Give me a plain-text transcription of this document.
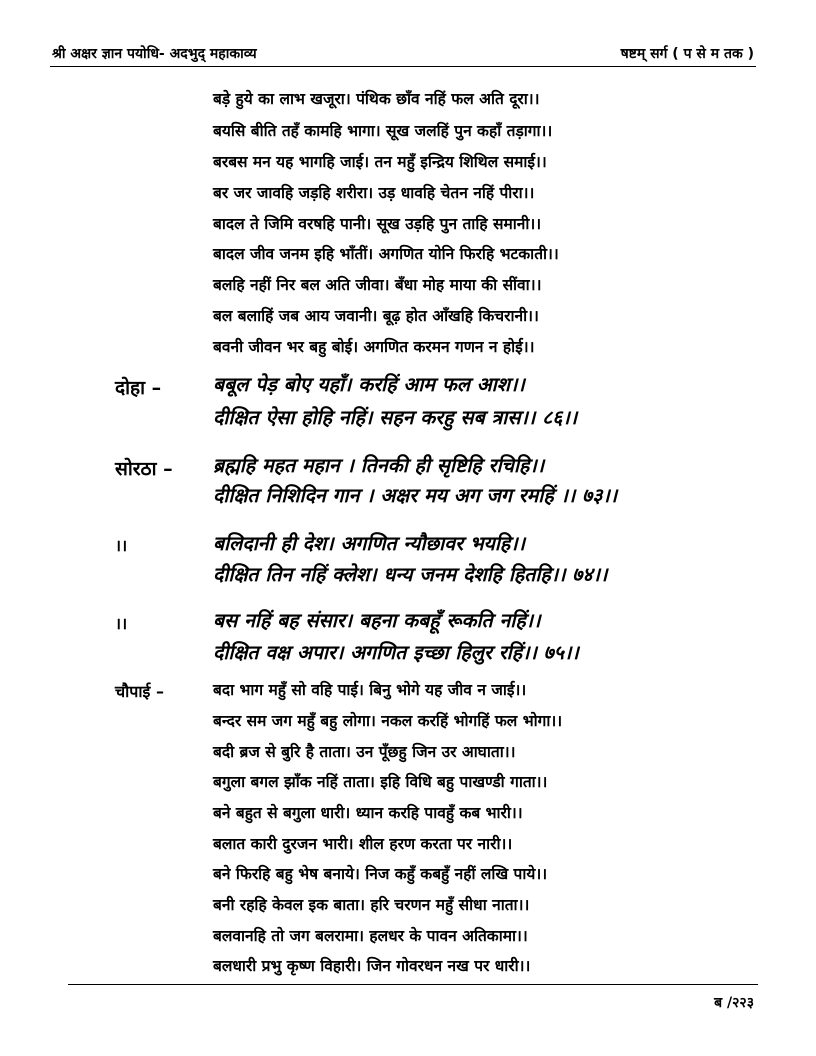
श्री अक्षर ज्ञान पयोधि- अदभुद् महाकाव्य	षष्टम् सर्ग ( प से म तक )
बड़े हुये का लाभ खजूरा। पंथिक छाँव नहिं फल अति दूरा।।
बयसि बीति तहँ कामहि भागा। सूख जलहिं पुन कहाँ तड़ागा।।
बरबस मन यह भागहि जाई। तन महुँ इन्द्रिय शिथिल समाई।।
बर जर जावहि जड़हि शरीरा। उड़ धावहि चेतन नहिं पीरा।।
बादल ते जिमि वरषहि पानी। सूख उड़हि पुन ताहि समानी।।
बादल जीव जनम इहि भाँतीं। अगणित योनि फिरहि भटकाती।।
बलहि नहीं निर बल अति जीवा। बँधा मोह माया की सींवा।।
बल बलाहिं जब आय जवानी। बूढ़ होत आँखहि किचरानी।।
बवनी जीवन भर बहु बोई। अगणित करमन गणन न होई।।
दोहा –	बबूल पेड़ बोए यहाँ। करहिं आम फल आश।।
दीक्षित ऐसा होहि नहिं। सहन करहु सब त्रास।। ८६।।
सोरठा – ब्रह्महि महत महान । तिनकी ही सृष्टिहि रचिहि।।
दीक्षित निशिदिन गान । अक्षर मय अग जग रमहिं ।। ७३।।
।।	बलिदानी ही देश। अगणित न्यौछावर भयहि।।
दीक्षित तिन नहिं क्लेश। धन्य जनम देशहि हितहि।। ७४।।
।।	बस नहिं बह संसार। बहना कबहूँ रूकति नहिं।।
दीक्षित वक्ष अपार। अगणित इच्छा हिलुर रहिं।। ७५।।
चौपाई –	बदा भाग महुँ सो वहि पाई। बिनु भोगे यह जीव न जाई।।
बन्दर सम जग महुँ बहु लोगा। नकल करहिं भोगहिं फल भोगा।।
बदी ब्रज से बुरि है ताता। उन पूँछहु जिन उर आघाता।।
बगुला बगल झाँक नहिं ताता। इहि विधि बहु पाखण्डी गाता।।
बने बहुत से बगुला धारी। ध्यान करहि पावहुँ कब भारी।।
बलात कारी दुरजन भारी। शील हरण करता पर नारी।।
बने फिरहि बहु भेष बनाये। निज कहुँ कबहुँ नहीं लखि पाये।।
बनी रहहि केवल इक बाता। हरि चरणन महुँ सीधा नाता।।
बलवानहि तो जग बलरामा। हलधर के पावन अतिकामा।।
बलधारी प्रभु कृष्ण विहारी। जिन गोवरधन नख पर धारी।।
ब /२२३
